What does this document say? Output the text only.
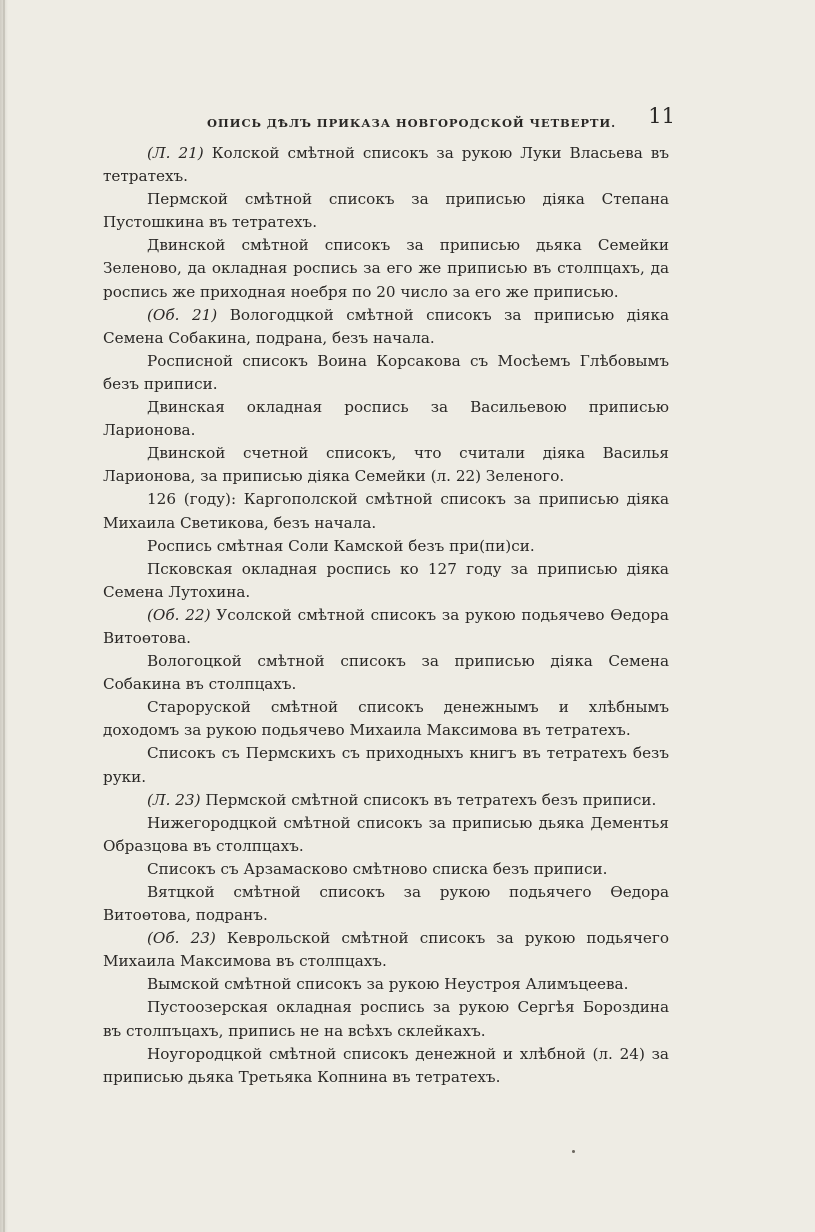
ОПИСЬ ДѢЛЪ ПРИКАЗА НОВГОРОДСКОЙ ЧЕТВЕРТИ. 11

(Л. 21) Колской смѣтной списокъ за рукою Луки Власьева въ тетратехъ.

Пермской смѣтной списокъ за приписью дiяка Степана Пустошкина въ тетратехъ.

Двинской смѣтной списокъ за приписью дьяка Семейки Зеленово, да окладная роспись за его же приписью въ столпцахъ, да роспись же приходная ноебря по 20 число за его же приписью.

(Об. 21) Вологодцкой смѣтной списокъ за приписью дiяка Семена Собакина, подрана, безъ начала.

Росписной списокъ Воина Корсакова съ Мосѣемъ Глѣбовымъ безъ приписи.

Двинская окладная роспись за Васильевою приписью Ларионова.

Двинской счетной списокъ, что считали дiяка Василья Ларионова, за приписью дiяка Семейки (л. 22) Зеленого.

126 (году): Каргополской смѣтной списокъ за приписью дiяка Михаила Светикова, безъ начала.

Роспись смѣтная Соли Камской безъ при(пи)си.

Псковская окладная роспись ко 127 году за приписью дiяка Семена Лутохина.

(Об. 22) Усолской смѣтной списокъ за рукою подьячево Өедора Витоөтова.

Вологоцкой смѣтной списокъ за приписью дiяка Семена Собакина въ столпцахъ.

Старорускoй смѣтной списокъ денежнымъ и хлѣбнымъ доходомъ за рукою подьячево Михаила Максимова въ тетратехъ.

Списокъ съ Пермскихъ съ приходныхъ книгъ въ тетратехъ безъ руки.

(Л. 23) Пермской смѣтной списокъ въ тетратехъ безъ приписи.

Нижегородцкой смѣтной списокъ за приписью дьяка Дементья Образцова въ столпцахъ.

Списокъ съ Арзамасково смѣтново списка безъ приписи.

Вятцкой смѣтной списокъ за рукою подьячего Өедора Витоөтова, подранъ.

(Об. 23) Кеврольской смѣтной списокъ за рукою подьячего Михаила Максимова въ столпцахъ.

Вымской смѣтной списокъ за рукою Неустроя Алимъцеева.

Пустоозерская окладная роспись за рукою Сергѣя Бороздина въ столпъцахъ, припись не на всѣхъ склейкахъ.

Ноугородцкой смѣтной списокъ денежной и хлѣбной (л. 24) за приписью дьяка Третьяка Копнина въ тетратехъ.
